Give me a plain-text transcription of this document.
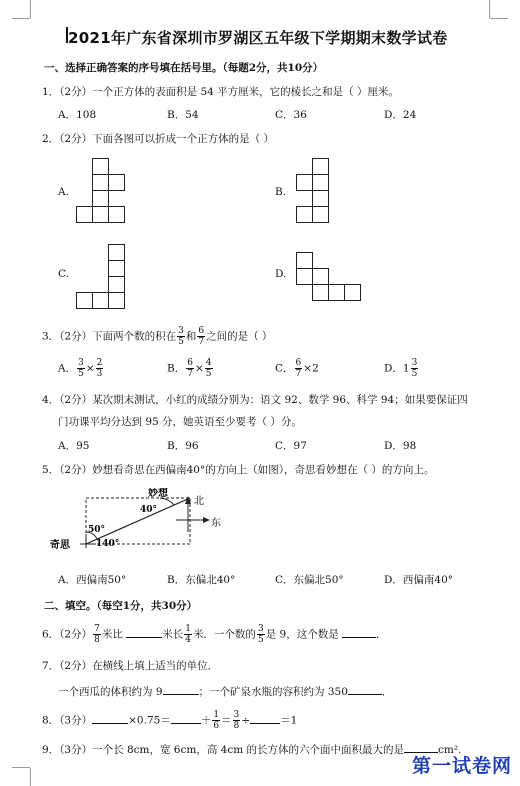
2021年广东省深圳市罗湖区五年级下学期期末数学试卷
一、选择正确答案的序号填在括号里。（每题2分，共10分）
1．（2分）一个正方体的表面积是 54 平方厘米，它的棱长之和是（ ）厘米。
A．108	B．54	C．36	D．24
2．（2分）下面各图可以折成一个正方体的是（ ）
A.	B.
C.	D.
3．（2分）下面两个数的积在 $\frac{3}{5}$ 和 $\frac{6}{7}$ 之间的是（ ）
A． $\frac{3}{5} \times \frac{2}{3}$	B． $\frac{6}{7} \times \frac{4}{5}$	C． $\frac{6}{7} \times 2$	D．$1 \frac{3}{5}$
4．（2分）某次期末测试，小红的成绩分别为：语文 92、数学 96、科学 94；如果要保证四
门功课平均分达到 95 分，她英语至少要考（ ）分。
A．95	B．96	C．97	D．98
5．（2分）妙想看奇思在西偏南40°的方向上（如图），奇思看妙想在（ ）的方向上。
妙想
奇思
40°
50°
140°
北
东
A．西偏南50°	B．东偏北40°	C．东偏北50°	D．西偏南40°
二、填空。（每空1分，共30分）
6．（2分） $\frac{7}{8}$ 米比	米长 $\frac{1}{4}$ 米．一个数的 $\frac{3}{5}$ 是 9，这个数是	．
7．（2分）在横线上填上适当的单位．
一个西瓜的体积约为 9	；一个矿泉水瓶的容积约为 350	．
8．（3分）	×0.75＝	＋ $\frac{1}{6} = \frac{3}{8}$ ÷	＝1
9．（3分）一个长 8cm，宽 6cm，高 4cm 的长方体的六个面中面积最大的是	cm².
第一试卷网
